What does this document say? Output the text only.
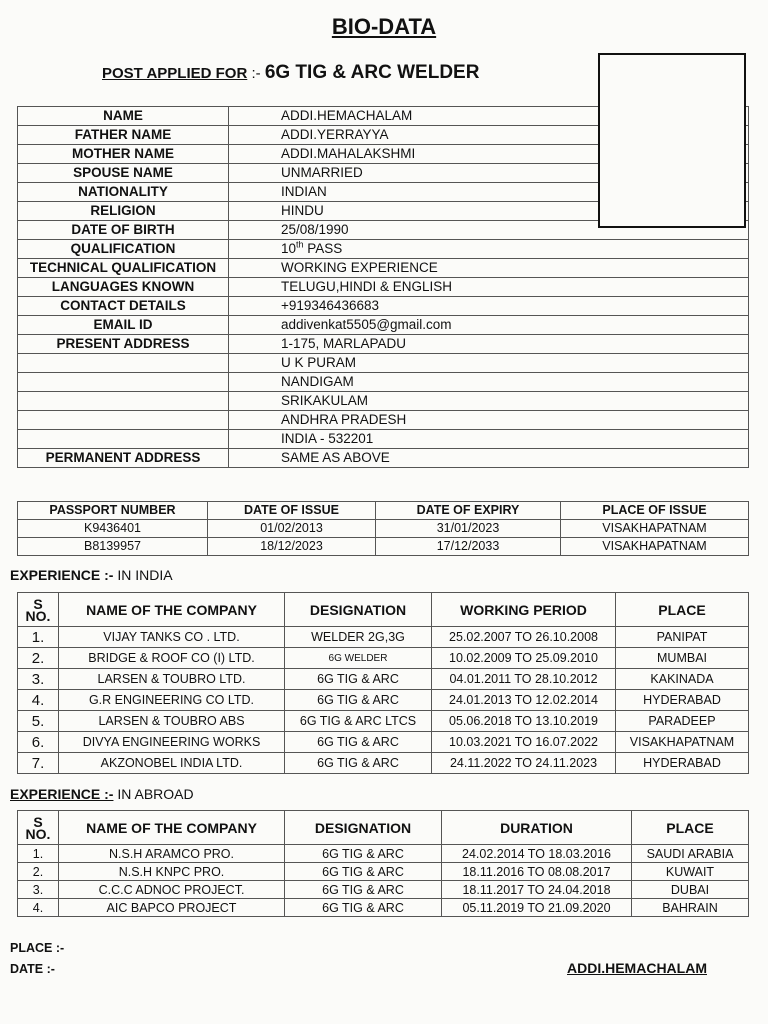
BIO-DATA
POST APPLIED FOR :- 6G TIG & ARC WELDER
NAME	ADDI.HEMACHALAM
FATHER NAME	ADDI.YERRAYYA
MOTHER NAME	ADDI.MAHALAKSHMI
SPOUSE NAME	UNMARRIED
NATIONALITY	INDIAN
RELIGION	HINDU
DATE OF BIRTH	25/08/1990
QUALIFICATION	10th PASS
TECHNICAL QUALIFICATION	WORKING EXPERIENCE
LANGUAGES KNOWN	TELUGU,HINDI & ENGLISH
CONTACT DETAILS	+919346436683
EMAIL ID	addivenkat5505@gmail.com
PRESENT ADDRESS	1-175, MARLAPADU
	U K PURAM
	NANDIGAM
	SRIKAKULAM
	ANDHRA PRADESH
	INDIA - 532201
PERMANENT ADDRESS	SAME AS ABOVE
PASSPORT NUMBER	DATE OF ISSUE	DATE OF EXPIRY	PLACE OF ISSUE
K9436401	01/02/2013	31/01/2023	VISAKHAPATNAM
B8139957	18/12/2023	17/12/2033	VISAKHAPATNAM
EXPERIENCE :- IN INDIA
S
NO.	NAME OF THE COMPANY	DESIGNATION	WORKING PERIOD	PLACE
1.	VIJAY TANKS CO . LTD.	WELDER 2G,3G	25.02.2007 TO 26.10.2008	PANIPAT
2.	BRIDGE & ROOF CO (I) LTD.	6G WELDER	10.02.2009 TO 25.09.2010	MUMBAI
3.	LARSEN & TOUBRO LTD.	6G TIG & ARC	04.01.2011 TO 28.10.2012	KAKINADA
4.	G.R ENGINEERING CO LTD.	6G TIG & ARC	24.01.2013 TO 12.02.2014	HYDERABAD
5.	LARSEN & TOUBRO ABS	6G TIG & ARC LTCS	05.06.2018 TO 13.10.2019	PARADEEP
6.	DIVYA ENGINEERING WORKS	6G TIG & ARC	10.03.2021 TO 16.07.2022	VISAKHAPATNAM
7.	AKZONOBEL INDIA LTD.	6G TIG & ARC	24.11.2022 TO 24.11.2023	HYDERABAD
EXPERIENCE :- IN ABROAD
S
NO.	NAME OF THE COMPANY	DESIGNATION	DURATION	PLACE
1.	N.S.H ARAMCO PRO.	6G TIG & ARC	24.02.2014 TO 18.03.2016	SAUDI ARABIA
2.	N.S.H KNPC PRO.	6G TIG & ARC	18.11.2016 TO 08.08.2017	KUWAIT
3.	C.C.C ADNOC PROJECT.	6G TIG & ARC	18.11.2017 TO 24.04.2018	DUBAI
4.	AIC BAPCO PROJECT	6G TIG & ARC	05.11.2019 TO 21.09.2020	BAHRAIN
PLACE :-
DATE :-	ADDI.HEMACHALAM
